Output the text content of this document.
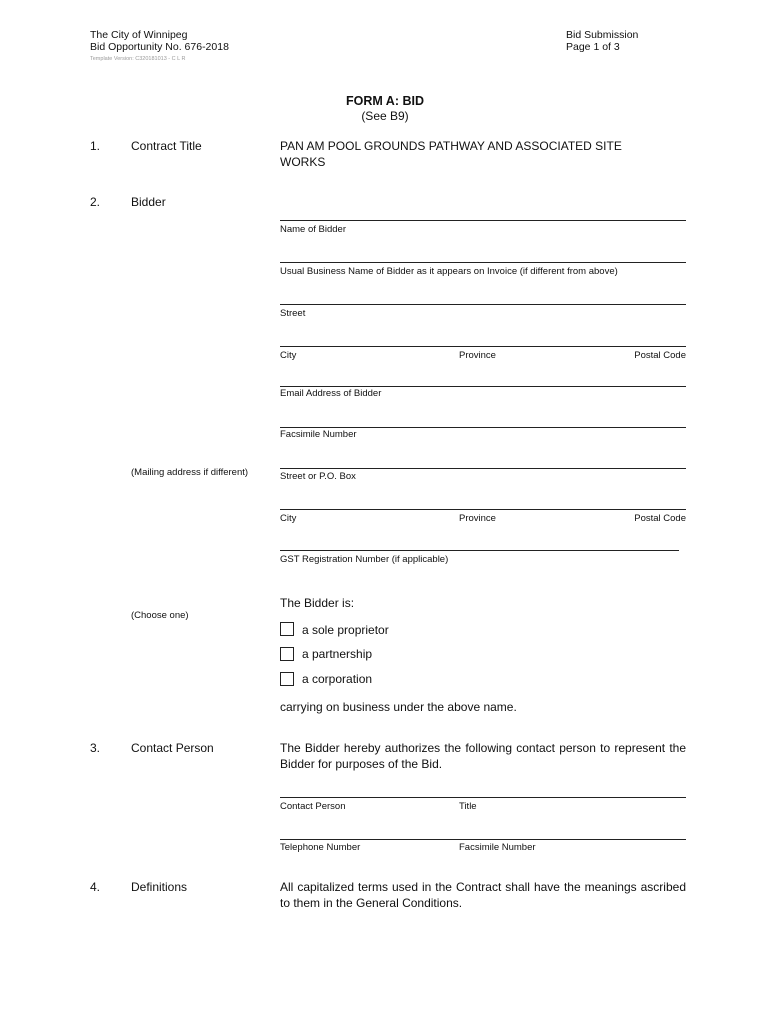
The City of Winnipeg
Bid Opportunity No. 676-2018
Template Version: C320181013 - C L R
Bid Submission
Page 1 of 3
FORM A: BID
(See B9)
1.	Contract Title	PAN AM POOL GROUNDS PATHWAY AND ASSOCIATED SITE WORKS
2.	Bidder
Name of Bidder
Usual Business Name of Bidder as it appears on Invoice (if different from above)
Street
City	Province	Postal Code
Email Address of Bidder
Facsimile Number
(Mailing address if different)	Street or P.O. Box
City	Province	Postal Code
GST Registration Number (if applicable)
(Choose one)
The Bidder is:
a sole proprietor
a partnership
a corporation
carrying on business under the above name.
3.	Contact Person	The Bidder hereby authorizes the following contact person to represent the Bidder for purposes of the Bid.
Contact Person	Title
Telephone Number	Facsimile Number
4.	Definitions	All capitalized terms used in the Contract shall have the meanings ascribed to them in the General Conditions.
